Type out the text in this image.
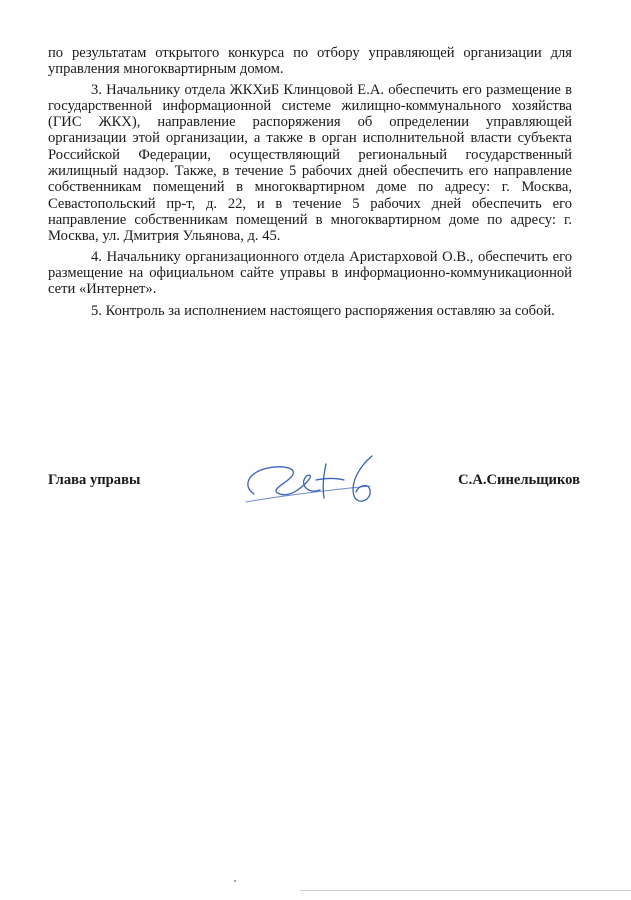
по результатам открытого конкурса по отбору управляющей организации для управления многоквартирным домом.

3. Начальнику отдела ЖКХиБ Клинцовой Е.А. обеспечить его размещение в государственной информационной системе жилищно-коммунального хозяйства (ГИС ЖКХ), направление распоряжения об определении управляющей организации этой организации, а также в орган исполнительной власти субъекта Российской Федерации, осуществляющий региональный государственный жилищный надзор. Также, в течение 5 рабочих дней обеспечить его направление собственникам помещений в многоквартирном доме по адресу: г. Москва, Севастопольский пр-т, д. 22, и в течение 5 рабочих дней обеспечить его направление собственникам помещений в многоквартирном доме по адресу: г. Москва, ул. Дмитрия Ульянова, д. 45.

4. Начальнику организационного отдела Аристарховой О.В., обеспечить его размещение на официальном сайте управы в информационно-коммуникационной сети «Интернет».

5. Контроль за исполнением настоящего распоряжения оставляю за собой.

Глава управы	С.А.Синельщиков
